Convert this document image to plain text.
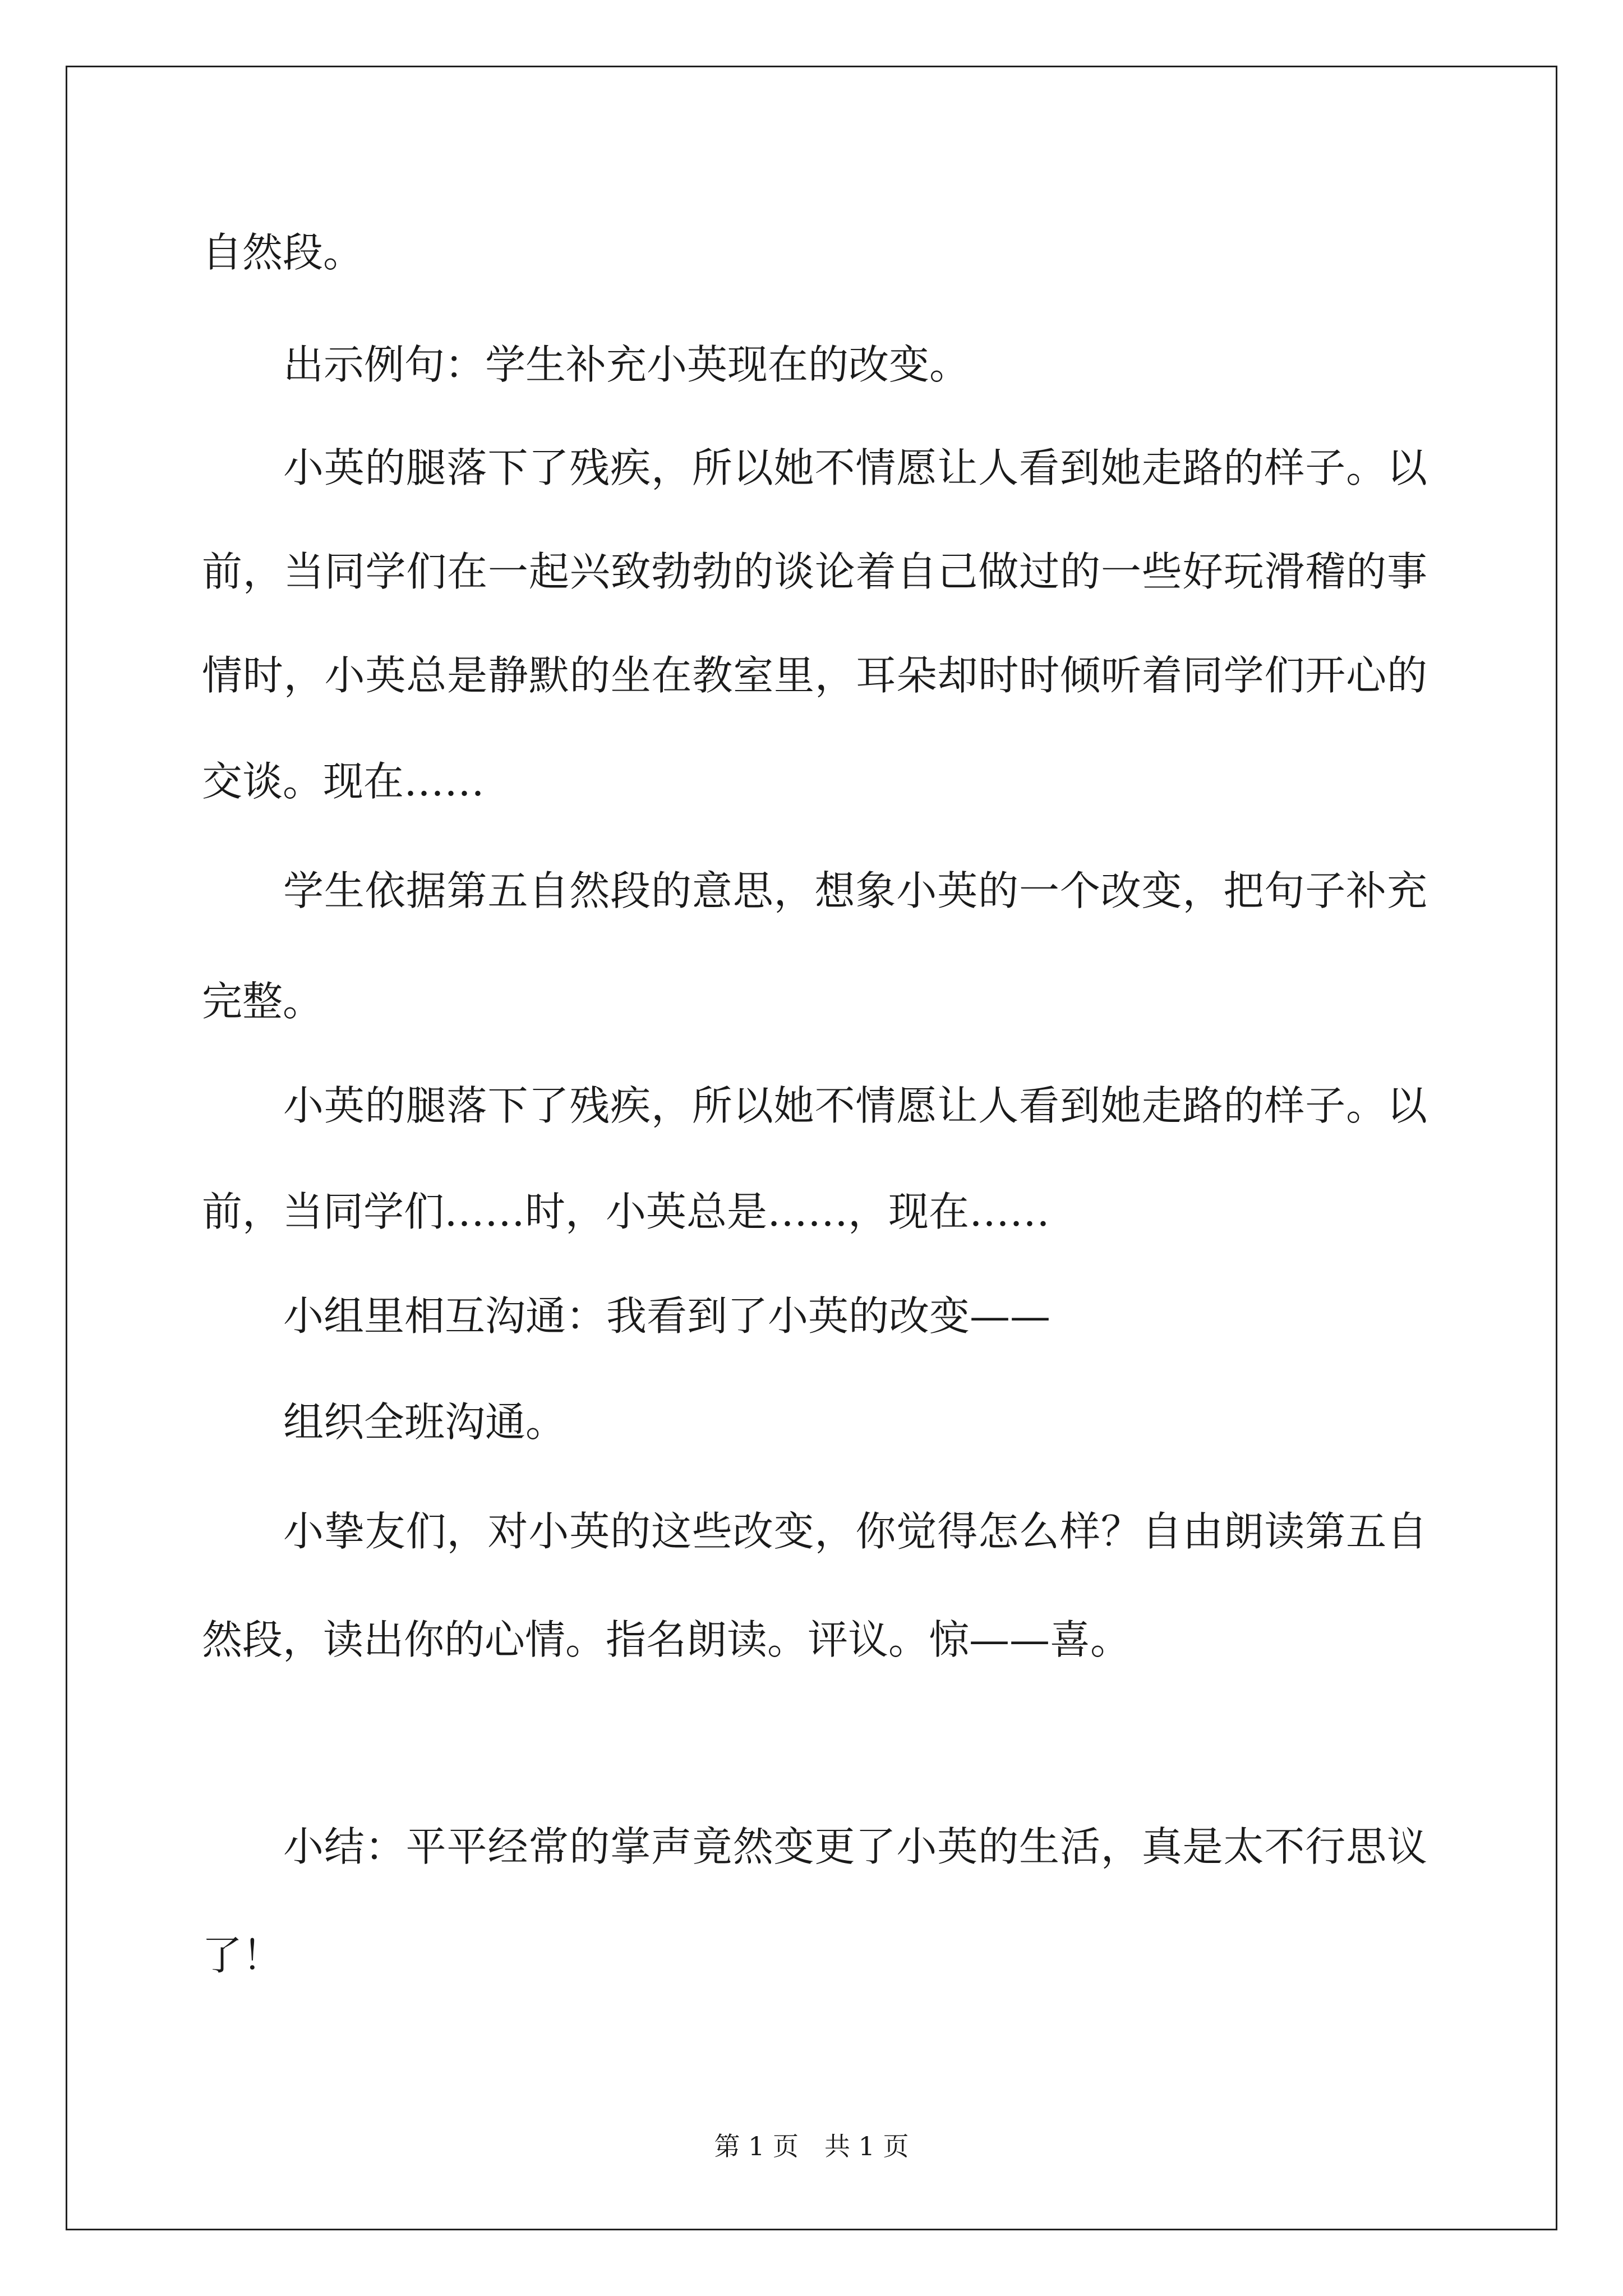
自然段。

出示例句：学生补充小英现在的改变。

小英的腿落下了残疾，所以她不情愿让人看到她走路的样子。以

前，当同学们在一起兴致勃勃的谈论着自己做过的一些好玩滑稽的事

情时，小英总是静默的坐在教室里，耳朵却时时倾听着同学们开心的

交谈。现在……

学生依据第五自然段的意思，想象小英的一个改变，把句子补充

完整。

小英的腿落下了残疾，所以她不情愿让人看到她走路的样子。以

前，当同学们……时，小英总是……，现在……

小组里相互沟通：我看到了小英的改变——

组织全班沟通。

小挚友们，对小英的这些改变，你觉得怎么样？自由朗读第五自

然段，读出你的心情。指名朗读。评议。惊——喜。

小结：平平经常的掌声竟然变更了小英的生活，真是太不行思议

了！

第 1 页　共 1 页
